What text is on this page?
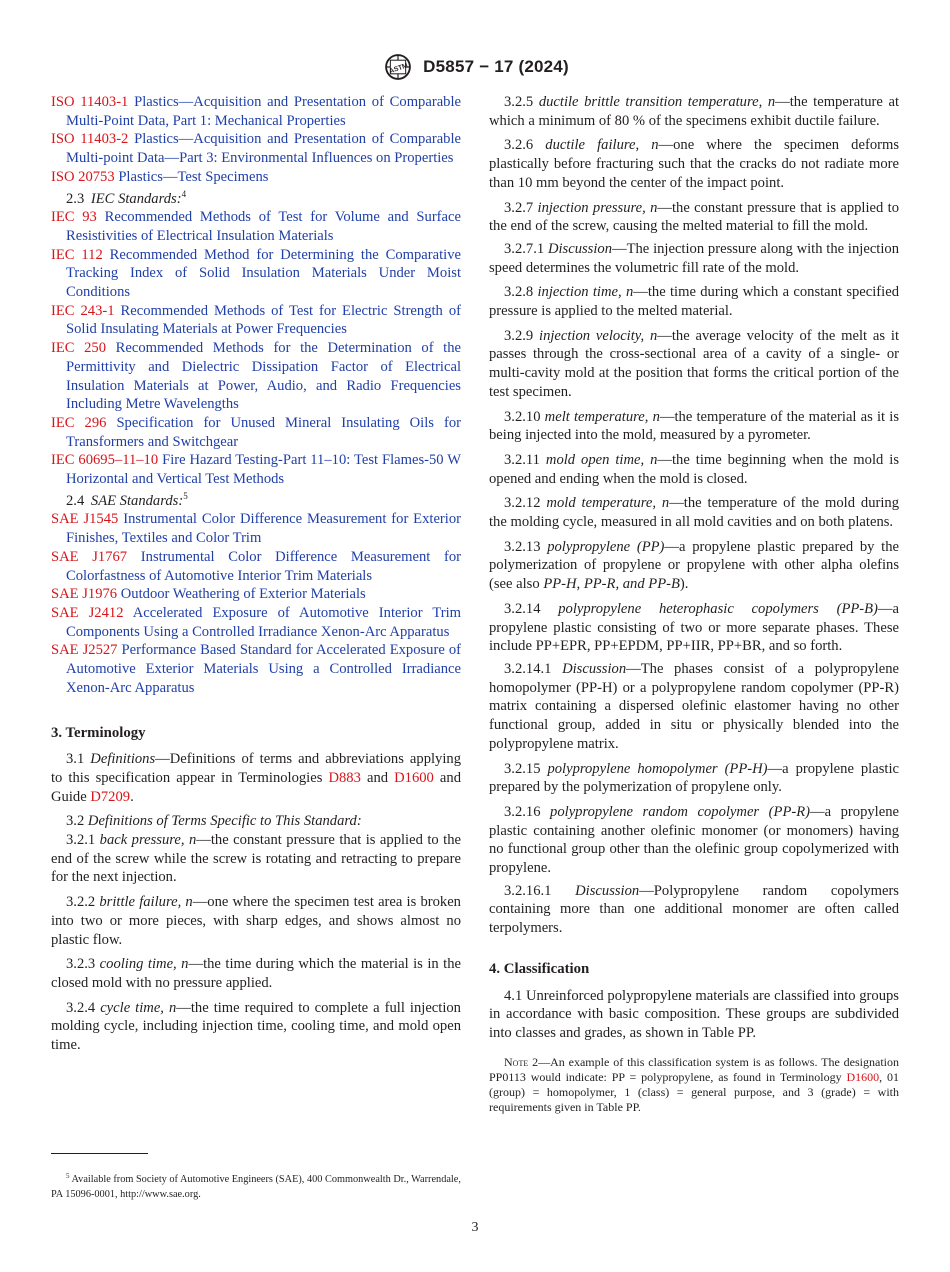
ASTM D5857 − 17 (2024)

ISO 11403-1 Plastics—Acquisition and Presentation of Comparable Multi-Point Data, Part 1: Mechanical Properties

ISO 11403-2 Plastics—Acquisition and Presentation of Comparable Multi-point Data—Part 3: Environmental Influences on Properties

ISO 20753 Plastics—Test Specimens

2.3 IEC Standards:$^4$

IEC 93 Recommended Methods of Test for Volume and Surface Resistivities of Electrical Insulation Materials

IEC 112 Recommended Method for Determining the Comparative Tracking Index of Solid Insulation Materials Under Moist Conditions

IEC 243-1 Recommended Methods of Test for Electric Strength of Solid Insulating Materials at Power Frequencies

IEC 250 Recommended Methods for the Determination of the Permittivity and Dielectric Dissipation Factor of Electrical Insulation Materials at Power, Audio, and Radio Frequencies Including Metre Wavelengths

IEC 296 Specification for Unused Mineral Insulating Oils for Transformers and Switchgear

IEC 60695–11–10 Fire Hazard Testing-Part 11–10: Test Flames-50 W Horizontal and Vertical Test Methods

2.4 SAE Standards:$^5$

SAE J1545 Instrumental Color Difference Measurement for Exterior Finishes, Textiles and Color Trim

SAE J1767 Instrumental Color Difference Measurement for Colorfastness of Automotive Interior Trim Materials

SAE J1976 Outdoor Weathering of Exterior Materials

SAE J2412 Accelerated Exposure of Automotive Interior Trim Components Using a Controlled Irradiance Xenon-Arc Apparatus

SAE J2527 Performance Based Standard for Accelerated Exposure of Automotive Exterior Materials Using a Controlled Irradiance Xenon-Arc Apparatus

3. Terminology

3.1 Definitions—Definitions of terms and abbreviations applying to this specification appear in Terminologies D883 and D1600 and Guide D7209.

3.2 Definitions of Terms Specific to This Standard:

3.2.1 back pressure, n—the constant pressure that is applied to the end of the screw while the screw is rotating and retracting to prepare for the next injection.

3.2.2 brittle failure, n—one where the specimen test area is broken into two or more pieces, with sharp edges, and shows almost no plastic flow.

3.2.3 cooling time, n—the time during which the material is in the closed mold with no pressure applied.

3.2.4 cycle time, n—the time required to complete a full injection molding cycle, including injection time, cooling time, and mold open time.

3.2.5 ductile brittle transition temperature, n—the temperature at which a minimum of 80 % of the specimens exhibit ductile failure.

3.2.6 ductile failure, n—one where the specimen deforms plastically before fracturing such that the cracks do not radiate more than 10 mm beyond the center of the impact point.

3.2.7 injection pressure, n—the constant pressure that is applied to the end of the screw, causing the melted material to fill the mold.

3.2.7.1 Discussion—The injection pressure along with the injection speed determines the volumetric fill rate of the mold.

3.2.8 injection time, n—the time during which a constant specified pressure is applied to the melted material.

3.2.9 injection velocity, n—the average velocity of the melt as it passes through the cross-sectional area of a cavity of a single- or multi-cavity mold at the position that forms the critical portion of the test specimen.

3.2.10 melt temperature, n—the temperature of the material as it is being injected into the mold, measured by a pyrometer.

3.2.11 mold open time, n—the time beginning when the mold is opened and ending when the mold is closed.

3.2.12 mold temperature, n—the temperature of the mold during the molding cycle, measured in all mold cavities and on both platens.

3.2.13 polypropylene (PP)—a propylene plastic prepared by the polymerization of propylene or propylene with other alpha olefins (see also PP-H, PP-R, and PP-B).

3.2.14 polypropylene heterophasic copolymers (PP-B)—a propylene plastic consisting of two or more separate phases. These include PP+EPR, PP+EPDM, PP+IIR, PP+BR, and so forth.

3.2.14.1 Discussion—The phases consist of a polypropylene homopolymer (PP-H) or a polypropylene random copolymer (PP-R) matrix containing a dispersed olefinic elastomer having no other functional group, added in situ or physically blended into the polypropylene matrix.

3.2.15 polypropylene homopolymer (PP-H)—a propylene plastic prepared by the polymerization of propylene only.

3.2.16 polypropylene random copolymer (PP-R)—a propylene plastic containing another olefinic monomer (or monomers) having no functional group other than the olefinic group copolymerized with propylene.

3.2.16.1 Discussion—Polypropylene random copolymers containing more than one additional monomer are often called terpolymers.

4. Classification

4.1 Unreinforced polypropylene materials are classified into groups in accordance with basic composition. These groups are subdivided into classes and grades, as shown in Table PP.

Note 2—An example of this classification system is as follows. The designation PP0113 would indicate: PP = polypropylene, as found in Terminology D1600, 01 (group) = homopolymer, 1 (class) = general purpose, and 3 (grade) = with requirements given in Table PP.

$^5$ Available from Society of Automotive Engineers (SAE), 400 Commonwealth Dr., Warrendale, PA 15096-0001, http://www.sae.org.

3
